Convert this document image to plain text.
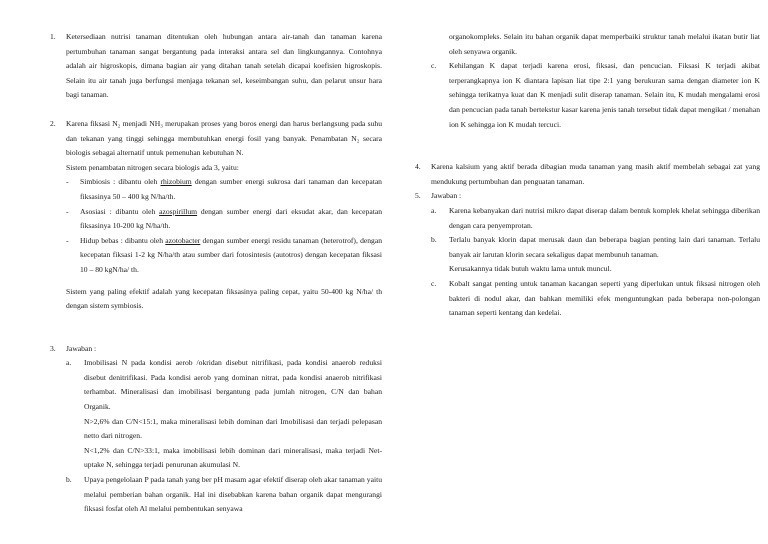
1. Ketersediaan nutrisi tanaman ditentukan oleh hubungan antara air-tanah dan tanaman karena pertumbuhan tanaman sangat bergantung pada interaksi antara sel dan lingkungannya. Contohnya adalah air higroskopis, dimana bagian air yang ditahan tanah setelah dicapai koefisien higroskopis. Selain itu air tanah juga berfungsi menjaga tekanan sel, keseimbangan suhu, dan pelarut unsur hara bagi tanaman.

2. Karena fiksasi N₂ menjadi NH₃ merupakan proses yang boros energi dan harus berlangsung pada suhu dan tekanan yang tinggi sehingga membutuhkan energi fosil yang banyak. Penambatan N₂ secara biologis sebagai alternatif untuk pemenuhan kebutuhan N.

Sistem penambatan nitrogen secara biologis ada 3, yaitu:

- Simbiosis : dibantu oleh rhizobium dengan sumber energi sukrosa dari tanaman dan kecepatan fiksasinya 50 – 400 kg N/ha/th.

- Asosiasi : dibantu oleh azospirillum dengan sumber energi dari eksudat akar, dan kecepatan fiksasinya 10-200 kg N/ha/th.

- Hidup bebas : dibantu oleh azotobacter dengan sumber energi residu tanaman (heterotrof), dengan kecepatan fiksasi 1-2 kg N/ha/th atau sumber dari fotosintesis (autotros) dengan kecepatan fiksasi 10 – 80 kgN/ha/ th.

Sistem yang paling efektif adalah yang kecepatan fiksasinya paling cepat, yaitu 50-400 kg N/ha/ th dengan sistem symbiosis.

3. Jawaban :

a. Imobilisasi N pada kondisi aerob /okridan disebut nitrifikasi, pada kondisi anaerob reduksi disebut denitrifikasi. Pada kondisi aerob yang dominan nitrat, pada kondisi anaerob nitrifikasi terhambat. Mineralisasi dan imobilisasi bergantung pada jumlah nitrogen, C/N dan bahan Organik.

N>2,6% dan C/N<15:1, maka mineralisasi lebih dominan dari Imobilisasi dan terjadi pelepasan netto dari nitrogen.

N<1,2% dan C/N>33:1, maka imobilisasi lebih dominan dari mineralisasi, maka terjadi Net- uptake N, sehingga terjadi penurunan akumulasi N.

b. Upaya pengelolaan P pada tanah yang ber pH masam agar efektif diserap oleh akar tanaman yaitu melalui pemberian bahan organik. Hal ini disebabkan karena bahan organik dapat mengurangi fiksasi fosfat oleh Al melalui pembentukan senyawa

organokompleks. Selain itu bahan organik dapat memperbaiki struktur tanah melalui ikatan butir liat oleh senyawa organik.

c. Kehilangan K dapat terjadi karena erosi, fiksasi, dan pencucian. Fiksasi K terjadi akibat terperangkapnya ion K diantara lapisan liat tipe 2:1 yang berukuran sama dengan diameter ion K sehingga terikatnya kuat dan K menjadi sulit diserap tanaman. Selain itu, K mudah mengalami erosi dan pencucian pada tanah bertekstur kasar karena jenis tanah tersebut tidak dapat mengikat / menahan ion K sehingga ion K mudah tercuci.

4. Karena kalsium yang aktif berada dibagian muda tanaman yang masih aktif membelah sebagai zat yang mendukung pertumbuhan dan penguatan tanaman.

5. Jawaban :

a. Karena kebanyakan dari nutrisi mikro dapat diserap dalam bentuk komplek khelat sehingga diberikan dengan cara penyemprotan.

b. Terlalu banyak klorin dapat merusak daun dan beberapa bagian penting lain dari tanaman. Terlalu banyak air larutan klorin secara sekaligus dapat membunuh tanaman.

Kerusakannya tidak butuh waktu lama untuk muncul.

c. Kobalt sangat penting untuk tanaman kacangan seperti yang diperlukan untuk fiksasi nitrogen oleh bakteri di nodul akar, dan bahkan memiliki efek menguntungkan pada beberapa non-polongan tanaman seperti kentang dan kedelai.
